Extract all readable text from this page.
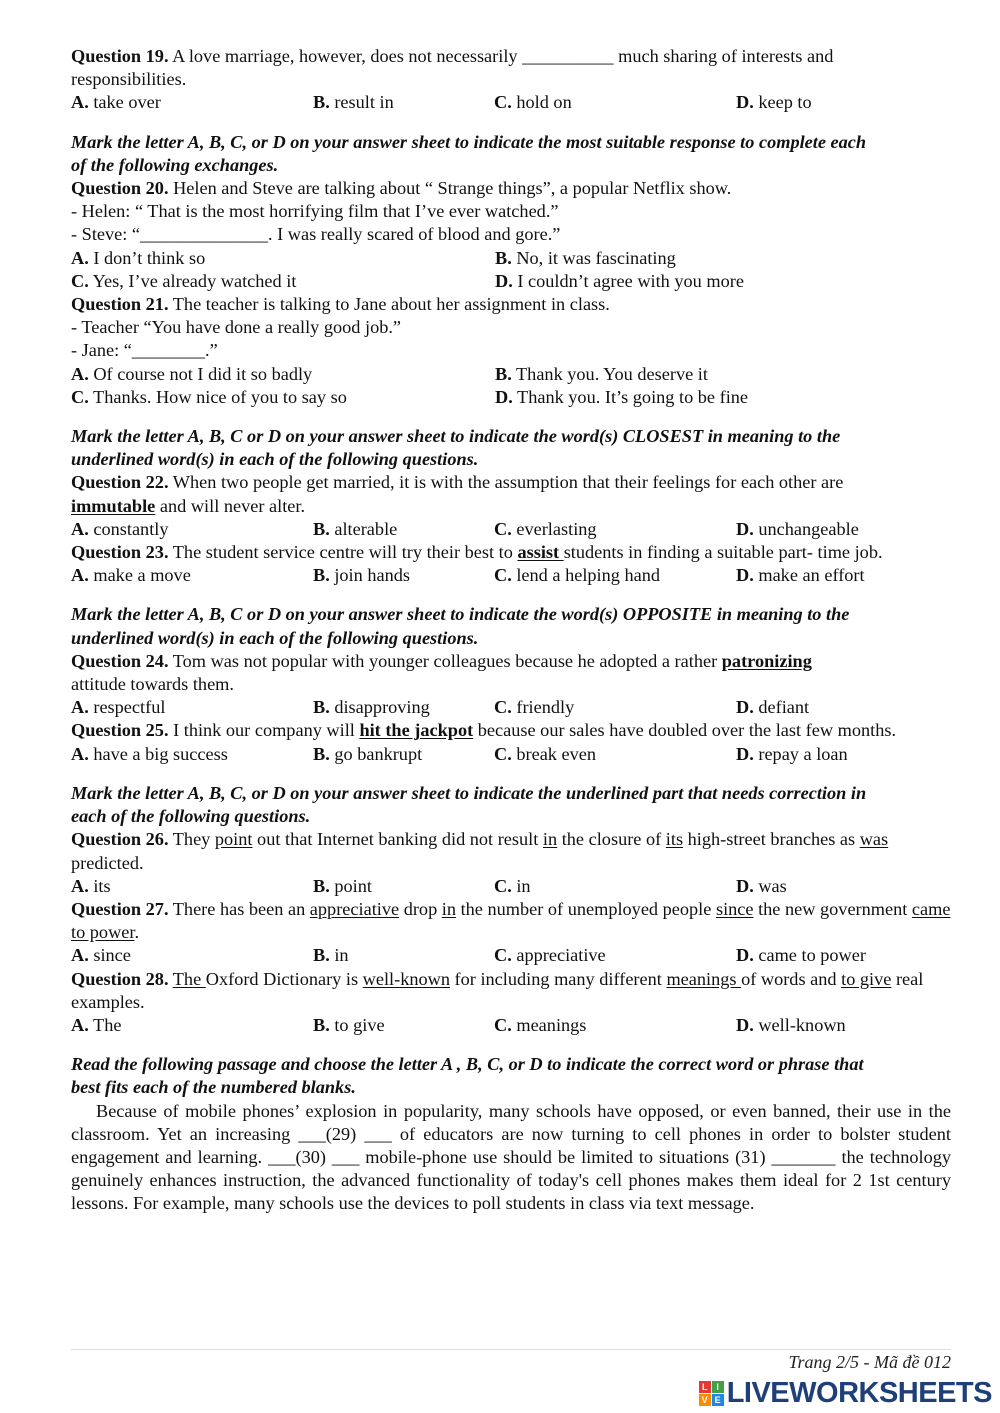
Question 19. A love marriage, however, does not necessarily __________ much sharing of interests and responsibilities.
A. take over	B. result in	C. hold on	D. keep to
Mark the letter A, B, C, or D on your answer sheet to indicate the most suitable response to complete each
of the following exchanges.
Question 20. Helen and Steve are talking about “ Strange things”, a popular Netflix show.
- Helen: “ That is the most horrifying film that I’ve ever watched.”
- Steve: “______________. I was really scared of blood and gore.”
A. I don’t think so	B. No, it was fascinating
C. Yes, I’ve already watched it	D. I couldn’t agree with you more
Question 21. The teacher is talking to Jane about her assignment in class.
- Teacher “You have done a really good job.”
- Jane: “________.”
A. Of course not I did it so badly	B. Thank you. You deserve it
C. Thanks. How nice of you to say so	D. Thank you. It’s going to be fine
Mark the letter A, B, C or D on your answer sheet to indicate the word(s) CLOSEST in meaning to the
underlined word(s) in each of the following questions.
Question 22. When two people get married, it is with the assumption that their feelings for each other are
immutable and will never alter.
A. constantly	B. alterable	C. everlasting	D. unchangeable
Question 23. The student service centre will try their best to assist students in finding a suitable part- time job.
A. make a move	B. join hands	C. lend a helping hand	D. make an effort
Mark the letter A, B, C or D on your answer sheet to indicate the word(s) OPPOSITE in meaning to the
underlined word(s) in each of the following questions.
Question 24. Tom was not popular with younger colleagues because he adopted a rather patronizing
attitude towards them.
A. respectful	B. disapproving	C. friendly	D. defiant
Question 25. I think our company will hit the jackpot because our sales have doubled over the last few months.
A. have a big success	B. go bankrupt	C. break even	D. repay a loan
Mark the letter A, B, C, or D on your answer sheet to indicate the underlined part that needs correction in
each of the following questions.
Question 26. They point out that Internet banking did not result in the closure of its high-street branches as was predicted.
A. its	B. point	C. in	D. was
Question 27. There has been an appreciative drop in the number of unemployed people since the new government came to power.
A. since	B. in	C. appreciative	D. came to power
Question 28. The Oxford Dictionary is well-known for including many different meanings of words and to give real examples.
A. The	B. to give	C. meanings	D. well-known
Read the following passage and choose the letter A , B, C, or D to indicate the correct word or phrase that
best fits each of the numbered blanks.
Because of mobile phones’ explosion in popularity, many schools have opposed, or even banned, their use in the classroom. Yet an increasing ___(29) ___ of educators are now turning to cell phones in order to bolster student engagement and learning. ___(30) ___ mobile-phone use should be limited to situations (31) _______ the technology genuinely enhances instruction, the advanced functionality of today's cell phones makes them ideal for 2 1st century lessons. For example, many schools use the devices to poll students in class via text message.
Trang 2/5 - Mã đề 012
L I
V E LIVEWORKSHEETS
